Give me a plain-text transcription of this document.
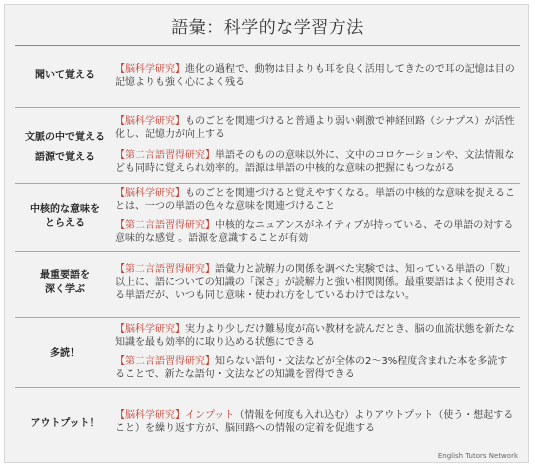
語彙：科学的な学習方法
聞いて覚える
【脳科学研究】進化の過程で、動物は目よりも耳を良く活用してきたので耳の記憶は目の記憶よりも強く心によく残る
文脈の中で覚える
語源で覚える
【脳科学研究】ものごとを関連づけると普通より弱い刺激で神経回路（シナプス）が活性化し、記憶力が向上する
【第二言語習得研究】単語そのものの意味以外に、文中のコロケーションや、文法情報なども同時に覚えられ効率的。語源は単語の中核的な意味の把握にもつながる
中核的な意味を
とらえる
【脳科学研究】ものごとを関連づけると覚えやすくなる。単語の中核的な意味を捉えることは、一つの単語の色々な意味を関連づけること
【第二言語習得研究】中核的なニュアンスがネイティブが持っている、その単語の対する意味的な感覚 。語源を意識することが有効
最重要語を
深く学ぶ
【第二言語習得研究】語彙力と読解力の関係を調べた実験では、知っている単語の「数」以上に、語についての知識の「深さ」が読解力と強い相関関係。最重要語はよく使用される単語だが、いつも同じ意味・使われ方をしているわけではない。
多読！
【脳科学研究】実力より少しだけ難易度が高い教材を読んだとき、脳の血流状態を新たな知識を最も効率的に取り込める状態にできる
【第二言語習得研究】知らない語句・文法などが全体の2～3%程度含まれた本を多読することで、新たな語句・文法などの知識を習得できる
アウトプット！
【脳科学研究】インプット（情報を何度も入れ込む）よりアウトプット（使う・想起すること）を繰り返す方が、脳回路への情報の定着を促進する
English Tutors Network
